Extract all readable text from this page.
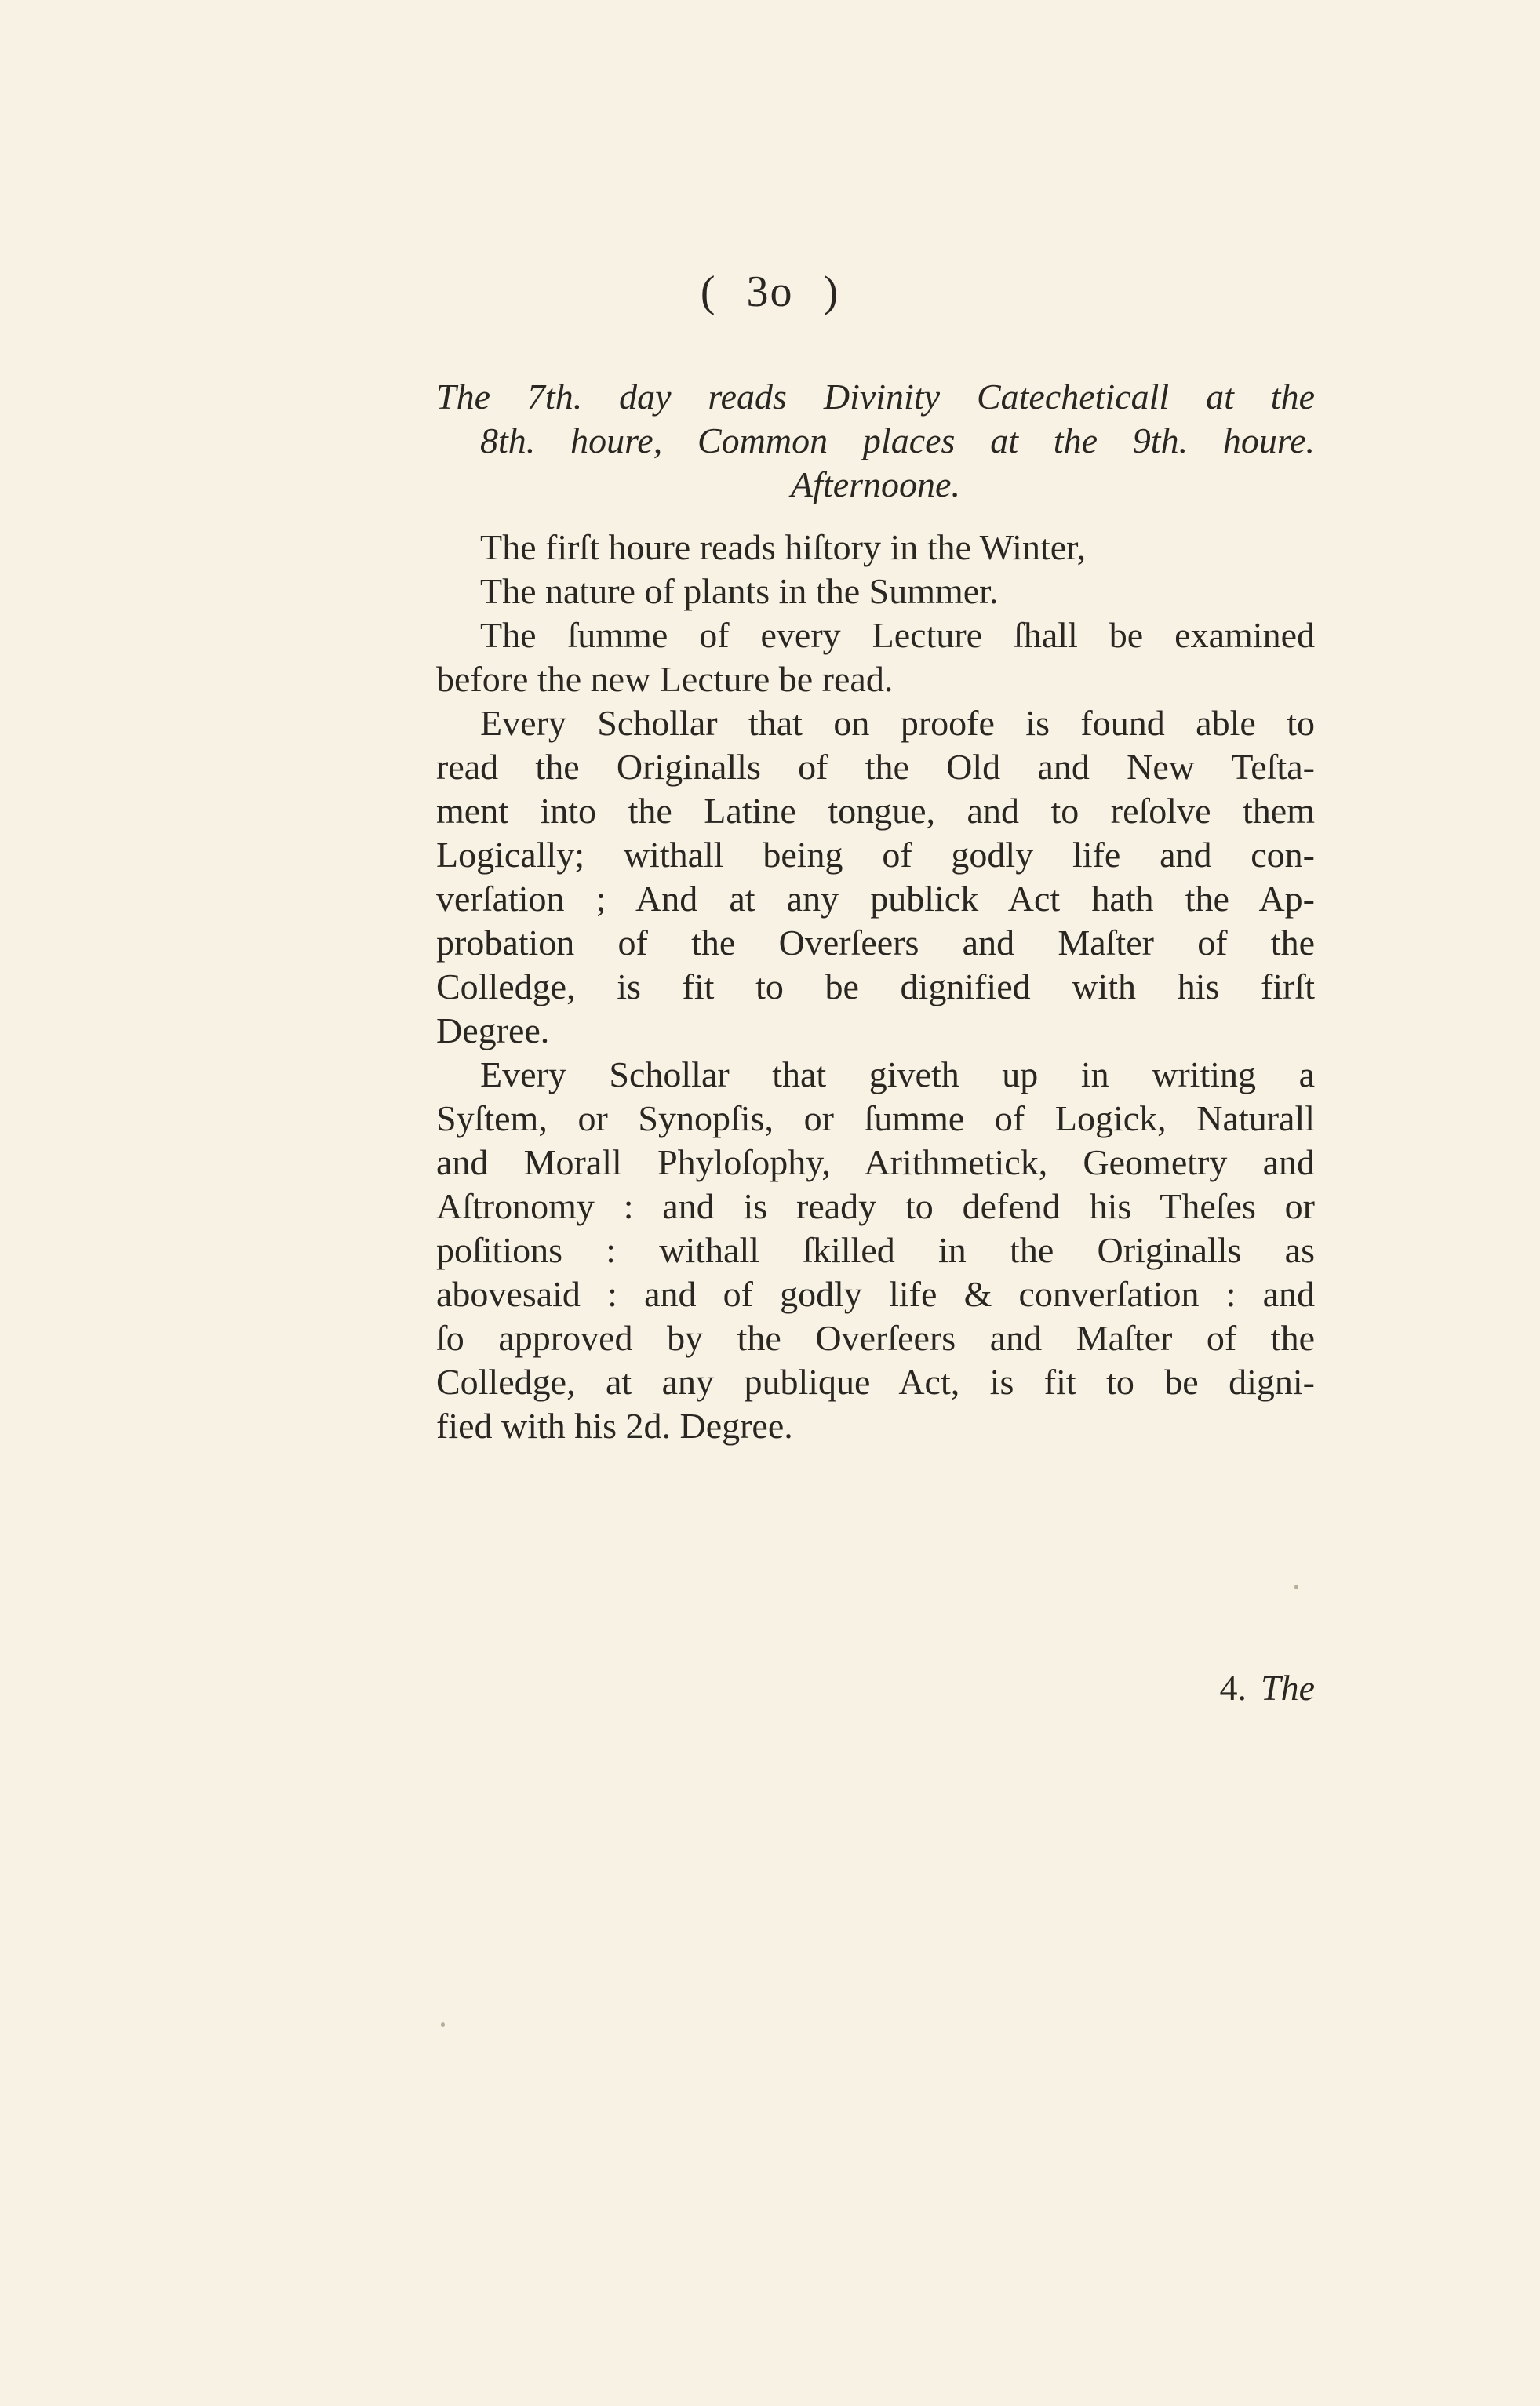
( 3o )
The 7th. day reads Divinity Catecheticall at the
8th. houre, Common places at the 9th. houre.
Afternoone.
The firſt houre reads hiſtory in the Winter,
The nature of plants in the Summer.
The ſumme of every Lecture ſhall be examined
before the new Lecture be read.
Every Schollar that on proofe is found able to
read the Originalls of the Old and New Teſta-
ment into the Latine tongue, and to reſolve them
Logically; withall being of godly life and con-
verſation ; And at any publick Act hath the Ap-
probation of the Overſeers and Maſter of the
Colledge, is fit to be dignified with his firſt
Degree.
Every Schollar that giveth up in writing a
Syſtem, or Synopſis, or ſumme of Logick, Naturall
and Morall Phyloſophy, Arithmetick, Geometry and
Aſtronomy : and is ready to defend his Theſes or
poſitions : withall ſkilled in the Originalls as
abovesaid : and of godly life & converſation : and
ſo approved by the Overſeers and Maſter of the
Colledge, at any publique Act, is fit to be digni-
fied with his 2d. Degree.
4. The
